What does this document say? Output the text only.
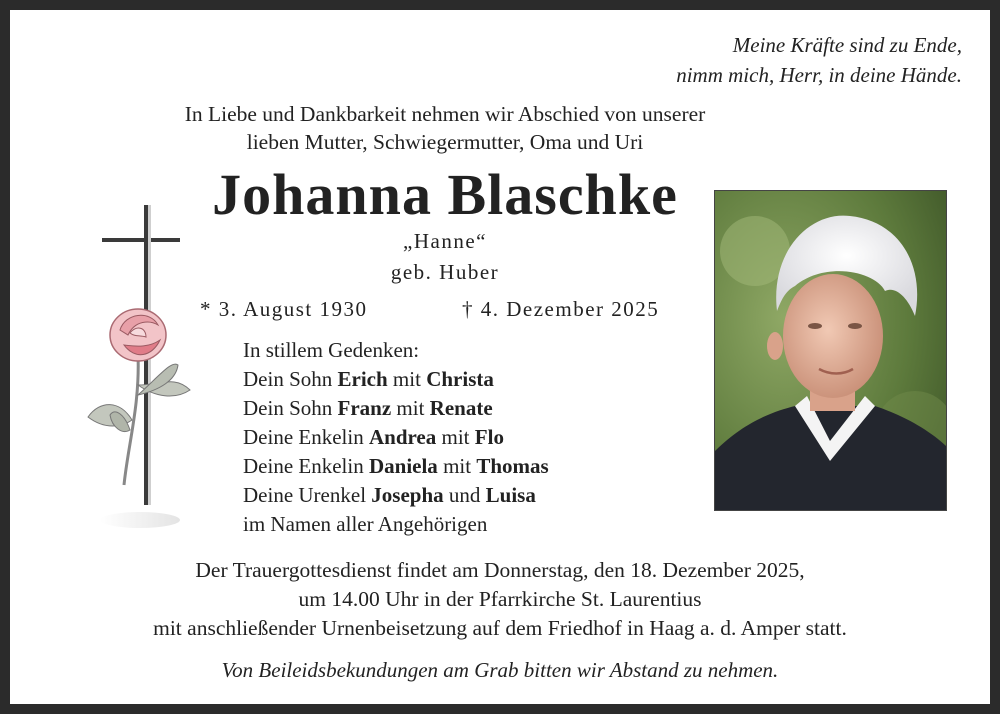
Meine Kräfte sind zu Ende,
nimm mich, Herr, in deine Hände.
In Liebe und Dankbarkeit nehmen wir Abschied von unserer
lieben Mutter, Schwiegermutter, Oma und Uri
Johanna Blaschke
„Hanne“
geb. Huber
* 3. August 1930	† 4. Dezember 2025
In stillem Gedenken:
Dein Sohn Erich mit Christa
Dein Sohn Franz mit Renate
Deine Enkelin Andrea mit Flo
Deine Enkelin Daniela mit Thomas
Deine Urenkel Josepha und Luisa
im Namen aller Angehörigen
Der Trauergottesdienst findet am Donnerstag, den 18. Dezember 2025,
um 14.00 Uhr in der Pfarrkirche St. Laurentius
mit anschließender Urnenbeisetzung auf dem Friedhof in Haag a. d. Amper statt.
Von Beileidsbekundungen am Grab bitten wir Abstand zu nehmen.
